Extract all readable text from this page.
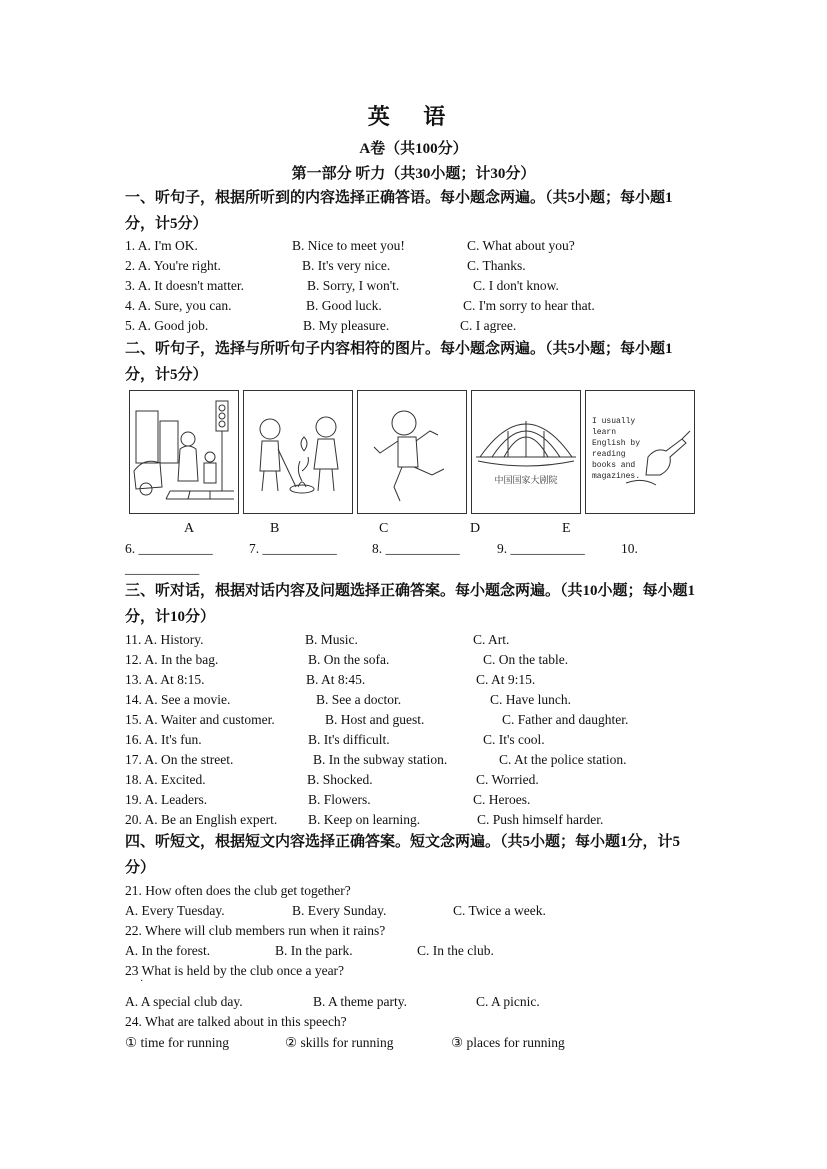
英 语
A卷（共100分）
第一部分 听力（共30小题；计30分）
一、听句子，根据所听到的内容选择正确答语。每小题念两遍。（共5小题；每小题1分，计5分）
1. A. I'm OK.	B. Nice to meet you!	C. What about you?
2. A. You're right.	B. It's very nice.	C. Thanks.
3. A. It doesn't matter.	B. Sorry, I won't.	C. I don't know.
4. A. Sure, you can.	B. Good luck.	C. I'm sorry to hear that.
5. A. Good job.	B. My pleasure.	C. I agree.
二、听句子，选择与所听句子内容相符的图片。每小题念两遍。（共5小题；每小题1分，计5分）
中国国家大剧院
I usually
learn
English by
reading
books and
magazines.
A	B	C	D	E
6. ___________	7. ___________	8. ___________	9. ___________	10.
___________
三、听对话，根据对话内容及问题选择正确答案。每小题念两遍。（共10小题；每小题1分，计10分）
11. A. History.	B. Music.	C. Art.
12. A. In the bag.	B. On the sofa.	C. On the table.
13. A. At 8:15.	B. At 8:45.	C. At 9:15.
14. A. See a movie.	B. See a doctor.	C. Have lunch.
15. A. Waiter and customer.	B. Host and guest.	C. Father and daughter.
16. A. It's fun.	B. It's difficult.	C. It's cool.
17. A. On the street.	B. In the subway station.	C. At the police station.
18. A. Excited.	B. Shocked.	C. Worried.
19. A. Leaders.	B. Flowers.	C. Heroes.
20. A. Be an English expert. B. Keep on learning.	C. Push himself harder.
四、听短文，根据短文内容选择正确答案。短文念两遍。（共5小题；每小题1分，计5分）
21. How often does the club get together?
A. Every Tuesday.	B. Every Sunday.	C. Twice a week.
22. Where will club members run when it rains?
A. In the forest.	B. In the park.	C. In the club.
23 What is held by the club once a year?
·
A. A special club day.	B. A theme party.	C. A picnic.
24. What are talked about in this speech?
① time for running	② skills for running	③ places for running
